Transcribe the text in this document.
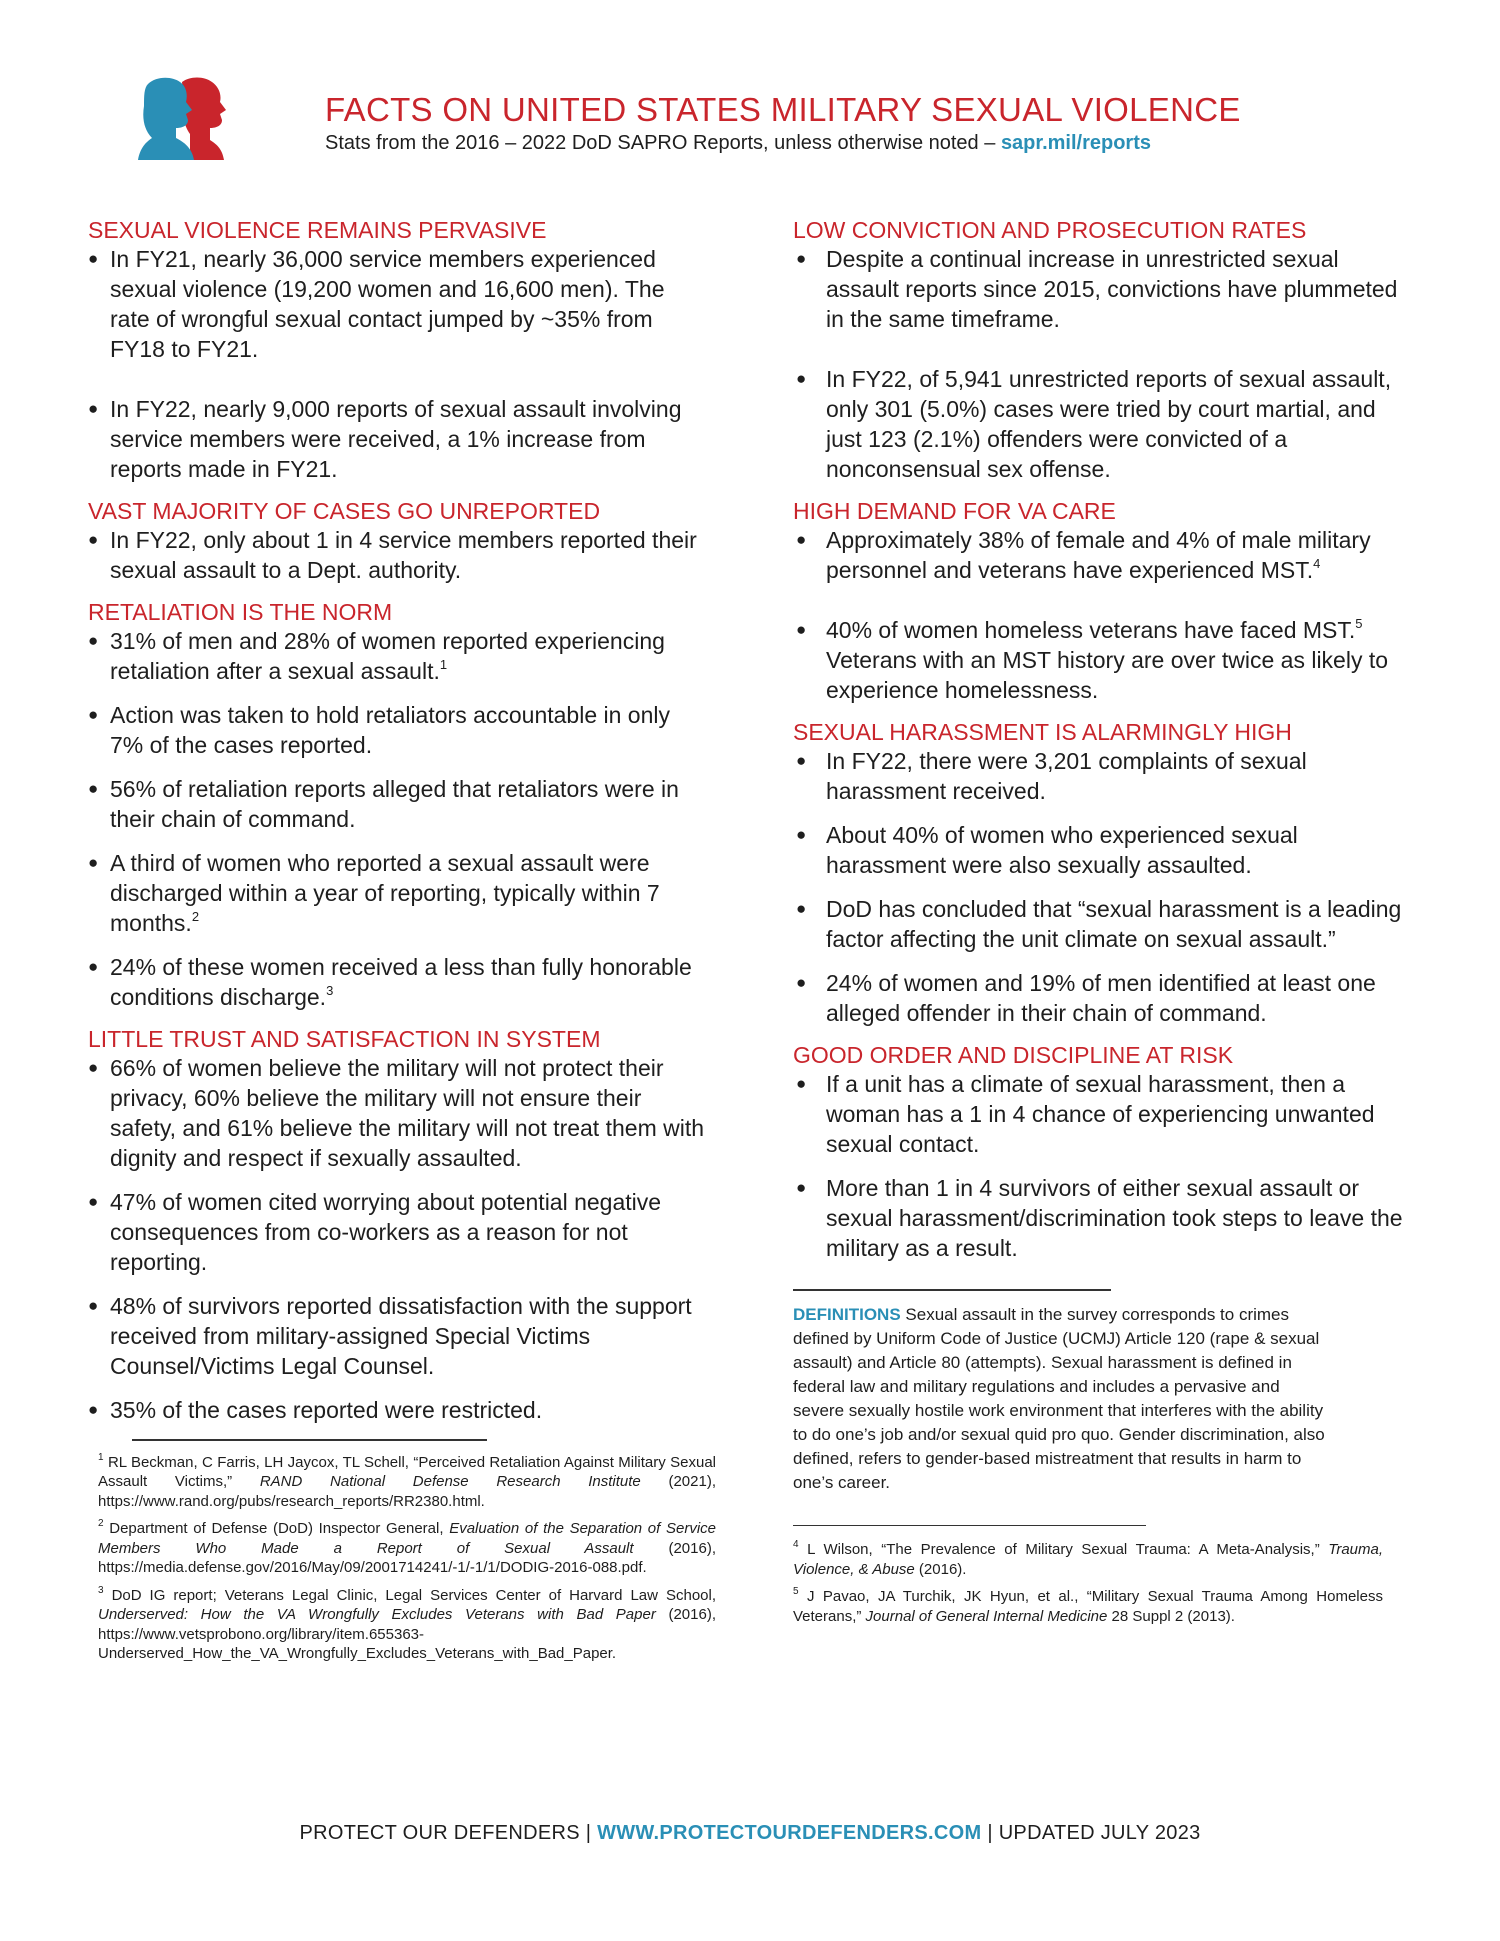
FACTS ON UNITED STATES MILITARY SEXUAL VIOLENCE
Stats from the 2016 – 2022 DoD SAPRO Reports, unless otherwise noted – sapr.mil/reports
SEXUAL VIOLENCE REMAINS PERVASIVE
● In FY21, nearly 36,000 service members experienced sexual violence (19,200 women and 16,600 men). The rate of wrongful sexual contact jumped by ~35% from FY18 to FY21.
● In FY22, nearly 9,000 reports of sexual assault involving service members were received, a 1% increase from reports made in FY21.
VAST MAJORITY OF CASES GO UNREPORTED
● In FY22, only about 1 in 4 service members reported their sexual assault to a Dept. authority.
RETALIATION IS THE NORM
● 31% of men and 28% of women reported experiencing retaliation after a sexual assault.$^1$
● Action was taken to hold retaliators accountable in only 7% of the cases reported.
● 56% of retaliation reports alleged that retaliators were in their chain of command.
● A third of women who reported a sexual assault were discharged within a year of reporting, typically within 7 months.$^2$
● 24% of these women received a less than fully honorable conditions discharge.$^3$
LITTLE TRUST AND SATISFACTION IN SYSTEM
● 66% of women believe the military will not protect their privacy, 60% believe the military will not ensure their safety, and 61% believe the military will not treat them with dignity and respect if sexually assaulted.
● 47% of women cited worrying about potential negative consequences from co-workers as a reason for not reporting.
● 48% of survivors reported dissatisfaction with the support received from military-assigned Special Victims Counsel/Victims Legal Counsel.
● 35% of the cases reported were restricted.

$^1$ RL Beckman, C Farris, LH Jaycox, TL Schell, “Perceived Retaliation Against Military Sexual Assault Victims,” RAND National Defense Research Institute (2021), https://www.rand.org/pubs/research_reports/RR2380.html.

$^2$ Department of Defense (DoD) Inspector General, Evaluation of the Separation of Service Members Who Made a Report of Sexual Assault (2016), https://media.defense.gov/2016/May/09/2001714241/-1/-1/1/DODIG-2016-088.pdf.

$^3$ DoD IG report; Veterans Legal Clinic, Legal Services Center of Harvard Law School, Underserved: How the VA Wrongfully Excludes Veterans with Bad Paper (2016), https://www.vetsprobono.org/library/item.655363-Underserved_How_the_VA_Wrongfully_Excludes_Veterans_with_Bad_Paper.

LOW CONVICTION AND PROSECUTION RATES
● Despite a continual increase in unrestricted sexual assault reports since 2015, convictions have plummeted in the same timeframe.
● In FY22, of 5,941 unrestricted reports of sexual assault, only 301 (5.0%) cases were tried by court martial, and just 123 (2.1%) offenders were convicted of a nonconsensual sex offense.
HIGH DEMAND FOR VA CARE
● Approximately 38% of female and 4% of male military personnel and veterans have experienced MST.$^4$
● 40% of women homeless veterans have faced MST.$^5$ Veterans with an MST history are over twice as likely to experience homelessness.
SEXUAL HARASSMENT IS ALARMINGLY HIGH
● In FY22, there were 3,201 complaints of sexual harassment received.
● About 40% of women who experienced sexual harassment were also sexually assaulted.
● DoD has concluded that “sexual harassment is a leading factor affecting the unit climate on sexual assault.”
● 24% of women and 19% of men identified at least one alleged offender in their chain of command.
GOOD ORDER AND DISCIPLINE AT RISK
● If a unit has a climate of sexual harassment, then a woman has a 1 in 4 chance of experiencing unwanted sexual contact.
● More than 1 in 4 survivors of either sexual assault or sexual harassment/discrimination took steps to leave the military as a result.
DEFINITIONS Sexual assault in the survey corresponds to crimes defined by Uniform Code of Justice (UCMJ) Article 120 (rape & sexual assault) and Article 80 (attempts). Sexual harassment is defined in federal law and military regulations and includes a pervasive and severe sexually hostile work environment that interferes with the ability to do one’s job and/or sexual quid pro quo. Gender discrimination, also defined, refers to gender-based mistreatment that results in harm to one’s career.

$^4$ L Wilson, “The Prevalence of Military Sexual Trauma: A Meta-Analysis,” Trauma, Violence, & Abuse (2016).

$^5$ J Pavao, JA Turchik, JK Hyun, et al., “Military Sexual Trauma Among Homeless Veterans,” Journal of General Internal Medicine 28 Suppl 2 (2013).

PROTECT OUR DEFENDERS | WWW.PROTECTOURDEFENDERS.COM | UPDATED JULY 2023
